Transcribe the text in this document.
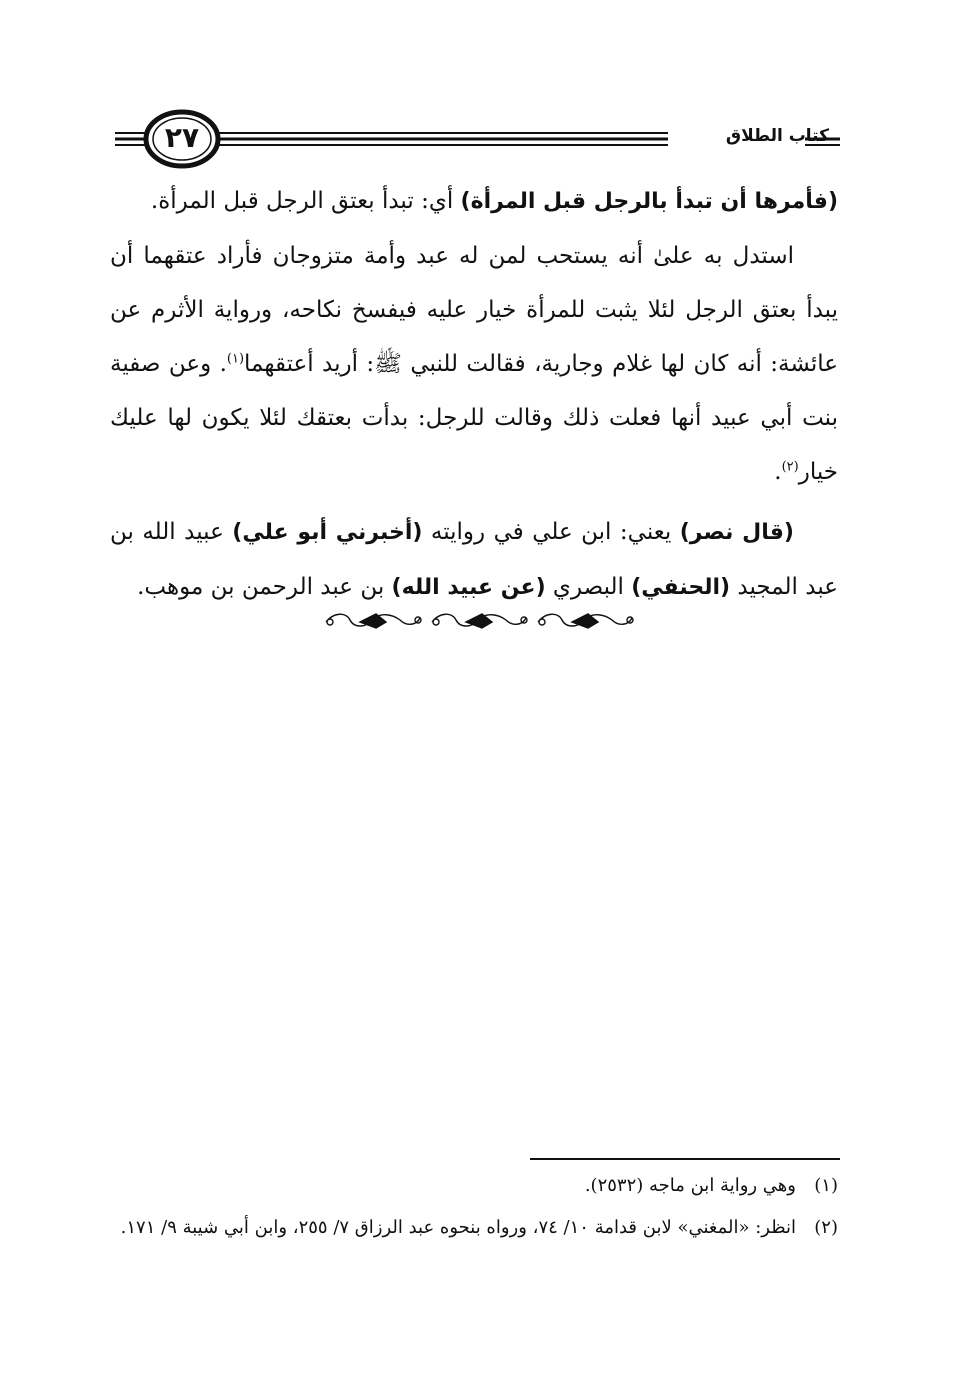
٢٧	كتاب الطلاق

(فأمرها أن تبدأ بالرجل قبل المرأة) أي: تبدأ بعتق الرجل قبل المرأة.

استدل به علىٰ أنه يستحب لمن له عبد وأمة متزوجان فأراد عتقهما أن يبدأ بعتق الرجل لئلا يثبت للمرأة خيار عليه فيفسخ نكاحه، ورواية الأثرم عن عائشة: أنه كان لها غلام وجارية، فقالت للنبي ﷺ: أريد أعتقهما$^{(١)}$. وعن صفية بنت أبي عبيد أنها فعلت ذلك وقالت للرجل: بدأت بعتقك لئلا يكون لها عليك خيار$^{(٢)}$.

(قال نصر) يعني: ابن علي في روايته (أخبرني أبو علي) عبيد الله بن عبد المجيد (الحنفي) البصري (عن عبيد الله) بن عبد الرحمن بن موهب.

(١)وهي رواية ابن ماجه (٢٥٣٢).

(٢)انظر: «المغني» لابن قدامة ١٠/ ٧٤، ورواه بنحوه عبد الرزاق ٧/ ٢٥٥، وابن أبي شيبة ٩/ ١٧١.
